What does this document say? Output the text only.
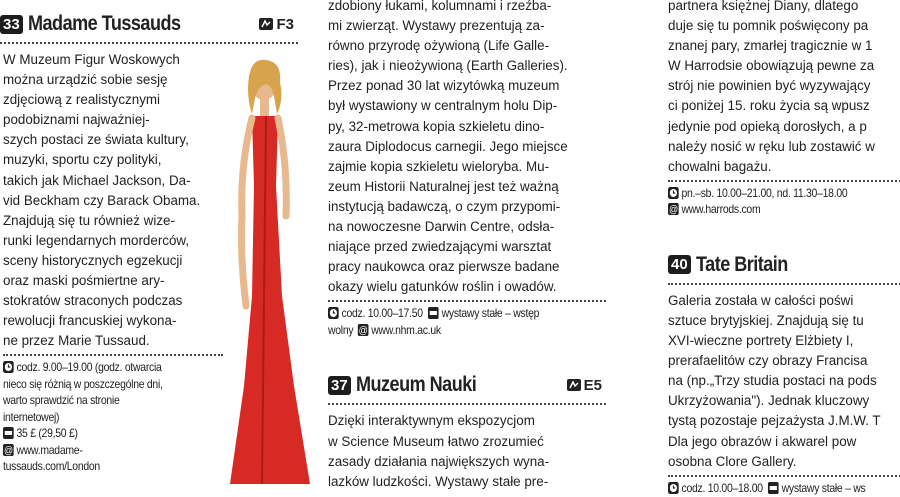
33 Madame Tussauds	F3
W Muzeum Figur Woskowych
można urządzić sobie sesję
zdjęciową z realistycznymi
podobiznami najważniej-
szych postaci ze świata kultury,
muzyki, sportu czy polityki,
takich jak Michael Jackson, Da-
vid Beckham czy Barack Obama.
Znajdują się tu również wize-
runki legendarnych morderców,
sceny historycznych egzekucji
oraz maski pośmiertne ary-
stokratów straconych podczas
rewolucji francuskiej wykona-
ne przez Marie Tussaud.
codz. 9.00–19.00 (godz. otwarcia
nieco się różnią w poszczególne dni,
warto sprawdzić na stronie
internetowej)
35 £ (29,50 £)
@ www.madame-
tussauds.com/London
zdobiony łukami, kolumnami i rzeźba-
mi zwierząt. Wystawy prezentują za-
równo przyrodę ożywioną (Life Galle-
ries), jak i nieożywioną (Earth Galleries).
Przez ponad 30 lat wizytówką muzeum
był wystawiony w centralnym holu Dip-
py, 32-metrowa kopia szkieletu dino-
zaura Diplodocus carnegii. Jego miejsce
zajmie kopia szkieletu wieloryba. Mu-
zeum Historii Naturalnej jest też ważną
instytucją badawczą, o czym przypomi-
na nowoczesne Darwin Centre, odsła-
niające przed zwiedzającymi warsztat
pracy naukowca oraz pierwsze badane
okazy wielu gatunków roślin i owadów.
codz. 10.00–17.50 wystawy stałe – wstęp
wolny @ www.nhm.ac.uk
37 Muzeum Nauki	E5
Dzięki interaktywnym ekspozycjom
w Science Museum łatwo zrozumieć
zasady działania największych wyna-
lazków ludzkości. Wystawy stałe pre-
partnera księżnej Diany, dlatego
duje się tu pomnik poświęcony pa
znanej pary, zmarłej tragicznie w 1
W Harrodsie obowiązują pewne za
strój nie powinien być wyzywający
ci poniżej 15. roku życia są wpusz
jedynie pod opieką dorosłych, a p
należy nosić w ręku lub zostawić w
chowalni bagażu.
pn.–sb. 10.00–21.00, nd. 11.30–18.00
@ www.harrods.com
40 Tate Britain
Galeria została w całości poświ
sztuce brytyjskiej. Znajdują się tu
XVI-wieczne portrety Elżbiety I,
prerafaelitów czy obrazy Francisa
na (np.„Trzy studia postaci na pods
Ukrzyżowania"). Jednak kluczowy
tystą pozostaje pejzażysta J.M.W. T
Dla jego obrazów i akwarel pow
osobna Clore Gallery.
codz. 10.00–18.00 wystawy stałe – ws
